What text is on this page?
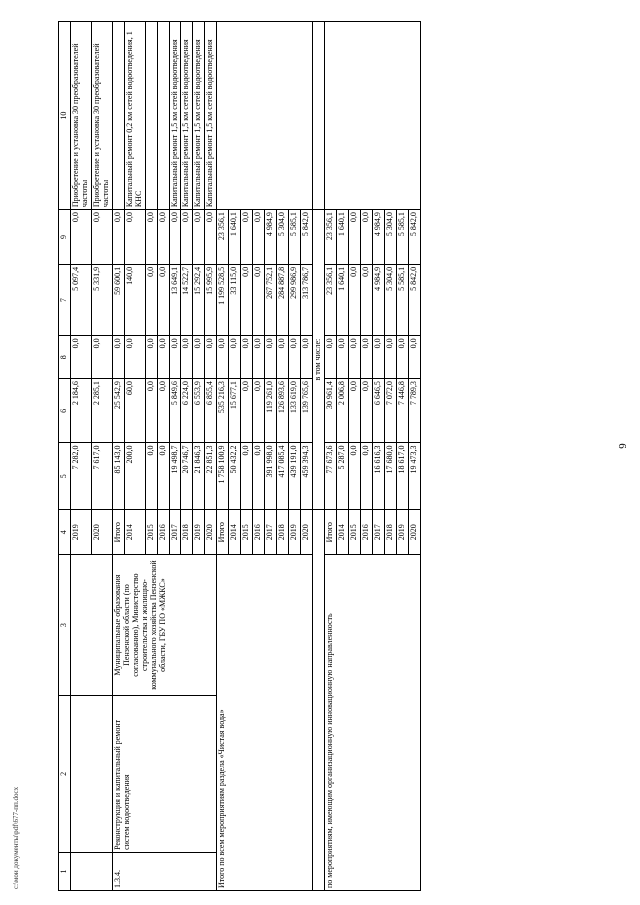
6
1	2	3	4	5	6	8	7	9	10
			2019	7 282,0	2 184,6	0,0	5 097,4	0,0	Приобретение и установка 30 преобразователей частоты
			2020	7 617,0	2 285,1	0,0	5 331,9	0,0	Приобретение и установка 30 преобразователей частоты
1.3.4.	Реконструкция и капитальный ремонт систем водоотведения	Муниципальные образования Пензенской области (по согласованию), Министерство строительства и жилищно-коммунального хозяйства Пензенской области, ГБУ ПО «МЖКС»	Итого	85 143,0	25 542,9	0,0	59 600,1	0,0	
			2014	200,0	60,0	0,0	140,0	0,0	Капитальный ремонт 0,2 км сетей водоотведения, 1 КНС
			2015	0,0	0,0	0,0	0,0	0,0	
			2016	0,0	0,0	0,0	0,0	0,0	
			2017	19 498,7	5 849,6	0,0	13 649,1	0,0	Капитальный ремонт 1,5 км сетей водоотведения
			2018	20 746,7	6 224,0	0,0	14 522,7	0,0	Капитальный ремонт 1,5 км сетей водоотведения
			2019	21 846,3	6 553,9	0,0	15 292,4	0,0	Капитальный ремонт 1,5 км сетей водоотведения
			2020	22 851,3	6 855,4	0,0	15 995,9	0,0	Капитальный ремонт 1,5 км сетей водоотведения
Итого по всем мероприятиям раздела «Чистая вода»			Итого	1 758 100,9	535 216,3	0,0	1 199 528,5	23 356,1	
			2014	50 432,2	15 677,1	0,0	33 115,0	1 640,1	
			2015	0,0	0,0	0,0	0,0	0,0	
			2016	0,0	0,0	0,0	0,0	0,0	
			2017	391 998,0	119 261,0	0,0	267 752,1	4 984,9	
			2018	417 085,4	126 893,6	0,0	284 887,8	5 304,0	
			2019	439 191,0	133 619,0	0,0	299 986,9	5 585,1	
			2020	459 394,3	139 765,6	0,0	313 786,7	5 842,0	
				в том числе:					
по мероприятиям, имеющим организационную инновационную направленность			Итого	77 673,6	30 961,4	0,0	23 356,1	23 356,1	
			2014	5 287,0	2 006,8	0,0	1 640,1	1 640,1	
			2015	0,0	0,0	0,0	0,0	0,0	
			2016	0,0	0,0	0,0	0,0	0,0	
			2017	16 616,3	6 646,5	0,0	4 984,9	4 984,9	
			2018	17 680,0	7 072,0	0,0	5 304,0	5 304,0	
			2019	18 617,0	7 446,8	0,0	5 585,1	5 585,1	
			2020	19 473,3	7 789,3	0,0	5 842,0	5 842,0	
c:\мои документы\pdf\677-пп.docx
